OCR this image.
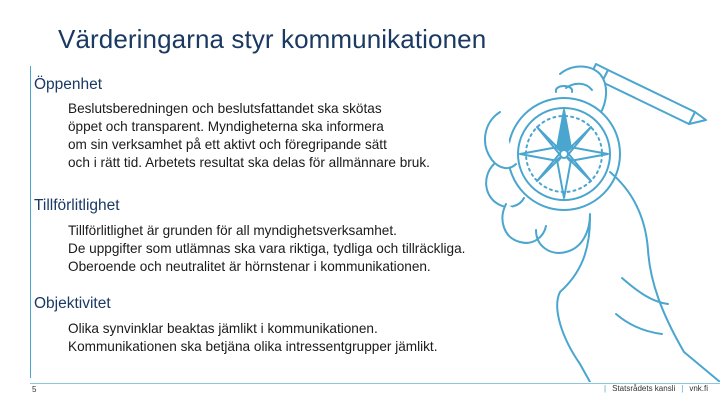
Värderingarna styr kommunikationen
Öppenhet
Beslutsberedningen och beslutsfattandet ska skötas
öppet och transparent. Myndigheterna ska informera
om sin verksamhet på ett aktivt och föregripande sätt
och i rätt tid. Arbetets resultat ska delas för allmännare bruk.
Tillförlitlighet
Tillförlitlighet är grunden för all myndighetsverksamhet.
De uppgifter som utlämnas ska vara riktiga, tydliga och tillräckliga.
Oberoende och neutralitet är hörnstenar i kommunikationen.
Objektivitet
Olika synvinklar beaktas jämlikt i kommunikationen.
Kommunikationen ska betjäna olika intressentgrupper jämlikt.
5	| Statsrådets kansli | vnk.fi
